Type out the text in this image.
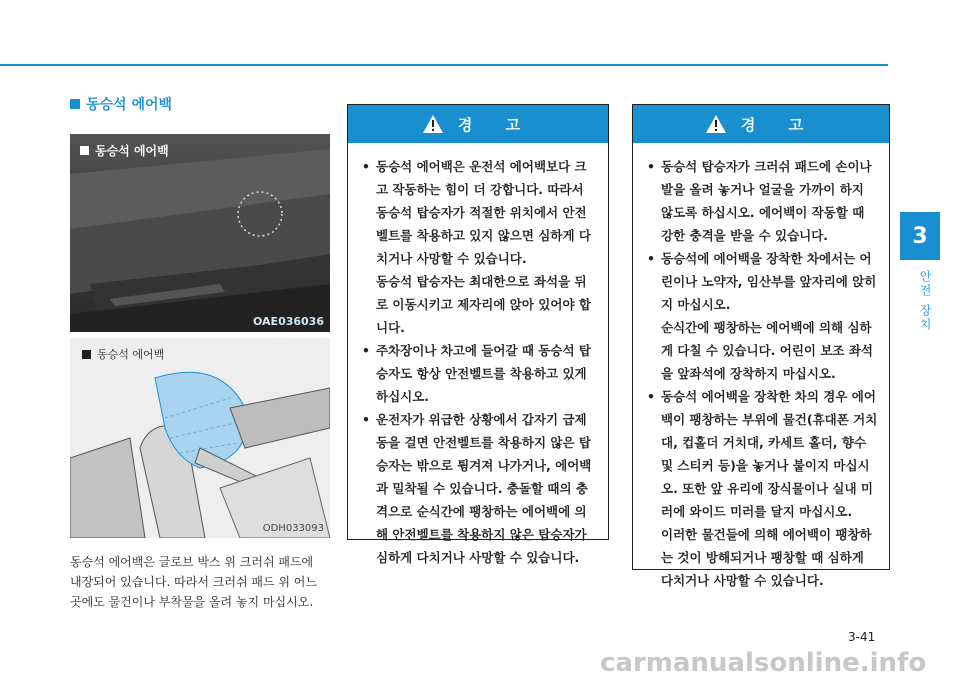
동승석 에어백
동승석 에어백
OAE036036
동승석 에어백
ODH033093

동승석 에어백은 글로브 박스 위 크러쉬 패드에

내장되어 있습니다. 따라서 크러쉬 패드 위 어느

곳에도 물건이나 부착물을 올려 놓지 마십시오.

경 고
• 동승석 에어백은 운전석 에어백보다 크고 작동하는 힘이 더 강합니다. 따라서 동승석 탑승자가 적절한 위치에서 안전벨트를 착용하고 있지 않으면 심하게 다치거나 사망할 수 있습니다.
동승석 탑승자는 최대한으로 좌석을 뒤로 이동시키고 제자리에 앉아 있어야 합니다.
• 주차장이나 차고에 들어갈 때 동승석 탑승자도 항상 안전벨트를 착용하고 있게 하십시오.
• 운전자가 위급한 상황에서 갑자기 급제동을 걸면 안전벨트를 착용하지 않은 탑승자는 밖으로 튕겨져 나가거나, 에어백과 밀착될 수 있습니다. 충돌할 때의 충격으로 순식간에 팽창하는 에어백에 의해 안전벨트를 착용하지 않은 탑승자가 심하게 다치거나 사망할 수 있습니다.
경 고
• 동승석 탑승자가 크러쉬 패드에 손이나 발을 올려 놓거나 얼굴을 가까이 하지 않도록 하십시오. 에어백이 작동할 때 강한 충격을 받을 수 있습니다.
• 동승석에 에어백을 장착한 차에서는 어린이나 노약자, 임산부를 앞자리에 앉히지 마십시오.
순식간에 팽창하는 에어백에 의해 심하게 다칠 수 있습니다. 어린이 보조 좌석을 앞좌석에 장착하지 마십시오.
• 동승석 에어백을 장착한 차의 경우 에어백이 팽창하는 부위에 물건(휴대폰 거치대, 컵홀더 거치대, 카세트 홀더, 향수 및 스티커 등)을 놓거나 붙이지 마십시오. 또한 앞 유리에 장식물이나 실내 미러에 와이드 미러를 달지 마십시오.
이러한 물건들에 의해 에어백이 팽창하는 것이 방해되거나 팽창할 때 심하게 다치거나 사망할 수 있습니다.
3
안전 장치
3-41
carmanualsonline.info
